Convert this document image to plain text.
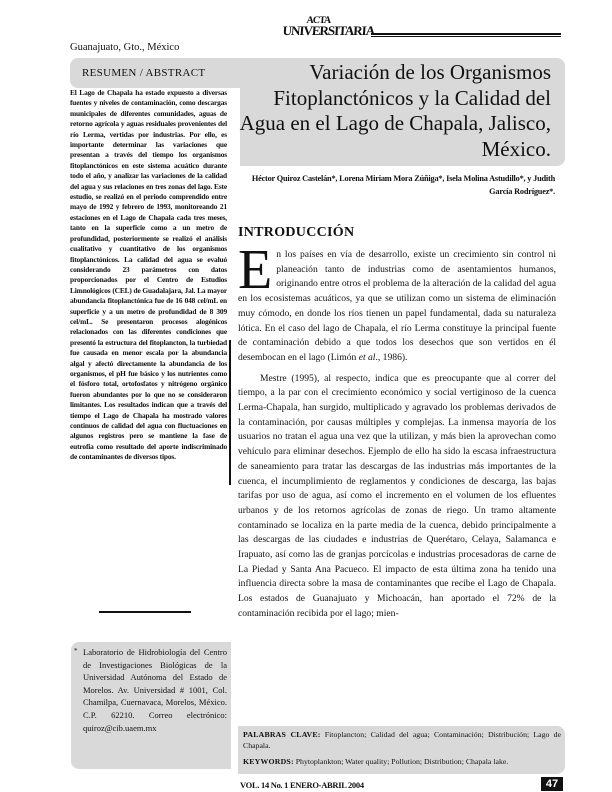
Guanajuato, Gto., México
ACTA
UNIVERSITARIA
RESUMEN / ABSTRACT	Variación de los Organismos Fitoplanctónicos y la Calidad del Agua en el Lago de Chapala, Jalisco, México.
Héctor Quiroz Castelán*, Lorena Miriam Mora Zúñiga*, Isela Molina Astudillo*, y Judith García Rodríguez*.
El Lago de Chapala ha estado expuesto a diversas fuentes y niveles de contaminación, como descargas municipales de diferentes comunidades, aguas de retorno agrícola y aguas residuales provenientes del río Lerma, vertidas por industrias. Por ello, es importante determinar las variaciones que presentan a través del tiempo los organismos fitoplanctónicos en este sistema acuático durante todo el año, y analizar las variaciones de la calidad del agua y sus relaciones en tres zonas del lago. Este estudio, se realizó en el periodo comprendido entre mayo de 1992 y febrero de 1993, monitoreando 21 estaciones en el Lago de Chapala cada tres meses, tanto en la superficie como a un metro de profundidad, posteriormente se realizó el análisis cualitativo y cuantitativo de los organismos fitoplanctónicos. La calidad del agua se evaluó considerando 23 parámetros con datos proporcionados por el Centro de Estudios Limnológicos (CEL) de Guadalajara, Jal. La mayor abundancia fitoplanctónica fue de 16 048 cel/mL en superficie y a un metro de profundidad de 8 309 cel/mL. Se presentaron procesos alogénicos relacionados con las diferentes condiciones que presentó la estructura del fitoplancton, la turbiedad fue causada en menor escala por la abundancia algal y afectó directamente la abundancia de los organismos, el pH fue básico y los nutrientes como el fósforo total, ortofosfatos y nitrógeno orgánico fueron abundantes por lo que no se consideraron limitantes. Los resultados indican que a través del tiempo el Lago de Chapala ha mostrado valores continuos de calidad del agua con fluctuaciones en algunos registros pero se mantiene la fase de eutrofia como resultado del aporte indiscriminado de contaminantes de diversos tipos.
* Laboratorio de Hidrobiología del Centro de Investigaciones Biológicas de la Universidad Autónoma del Estado de Morelos. Av. Universidad # 1001, Col. Chamilpa, Cuernavaca, Morelos, México. C.P. 62210. Correo electrónico: quiroz@cib.uaem.mx
INTRODUCCIÓN

En los países en vía de desarrollo, existe un crecimiento sin control ni planeación tanto de industrias como de asentamientos humanos, originando entre otros el problema de la alteración de la calidad del agua en los ecosistemas acuáticos, ya que se utilizan como un sistema de eliminación muy cómodo, en donde los ríos tienen un papel fundamental, dada su naturaleza lótica. En el caso del lago de Chapala, el río Lerma constituye la principal fuente de contaminación debido a que todos los desechos que son vertidos en él desembocan en el lago (Limón et al., 1986).

Mestre (1995), al respecto, indica que es preocupante que al correr del tiempo, a la par con el crecimiento económico y social vertiginoso de la cuenca Lerma-Chapala, han surgido, multiplicado y agravado los problemas derivados de la contaminación, por causas múltiples y complejas. La inmensa mayoría de los usuarios no tratan el agua una vez que la utilizan, y más bien la aprovechan como vehículo para eliminar desechos. Ejemplo de ello ha sido la escasa infraestructura de saneamiento para tratar las descargas de las industrias más importantes de la cuenca, el incumplimiento de reglamentos y condiciones de descarga, las bajas tarifas por uso de agua, así como el incremento en el volumen de los efluentes urbanos y de los retornos agrícolas de zonas de riego. Un tramo altamente contaminado se localiza en la parte media de la cuenca, debido principalmente a las descargas de las ciudades e industrias de Querétaro, Celaya, Salamanca e Irapuato, así como las de granjas porcícolas e industrias procesadoras de carne de La Piedad y Santa Ana Pacueco. El impacto de esta última zona ha tenido una influencia directa sobre la masa de contaminantes que recibe el Lago de Chapala. Los estados de Guanajuato y Michoacán, han aportado el 72% de la contaminación recibida por el lago; mien-

PALABRAS CLAVE: Fitoplancton; Calidad del agua; Contaminación; Distribución; Lago de Chapala.
KEYWORDS: Phytoplankton; Water quality; Pollution; Distribution; Chapala lake.
VOL. 14 No. 1 ENERO-ABRIL 2004	47
